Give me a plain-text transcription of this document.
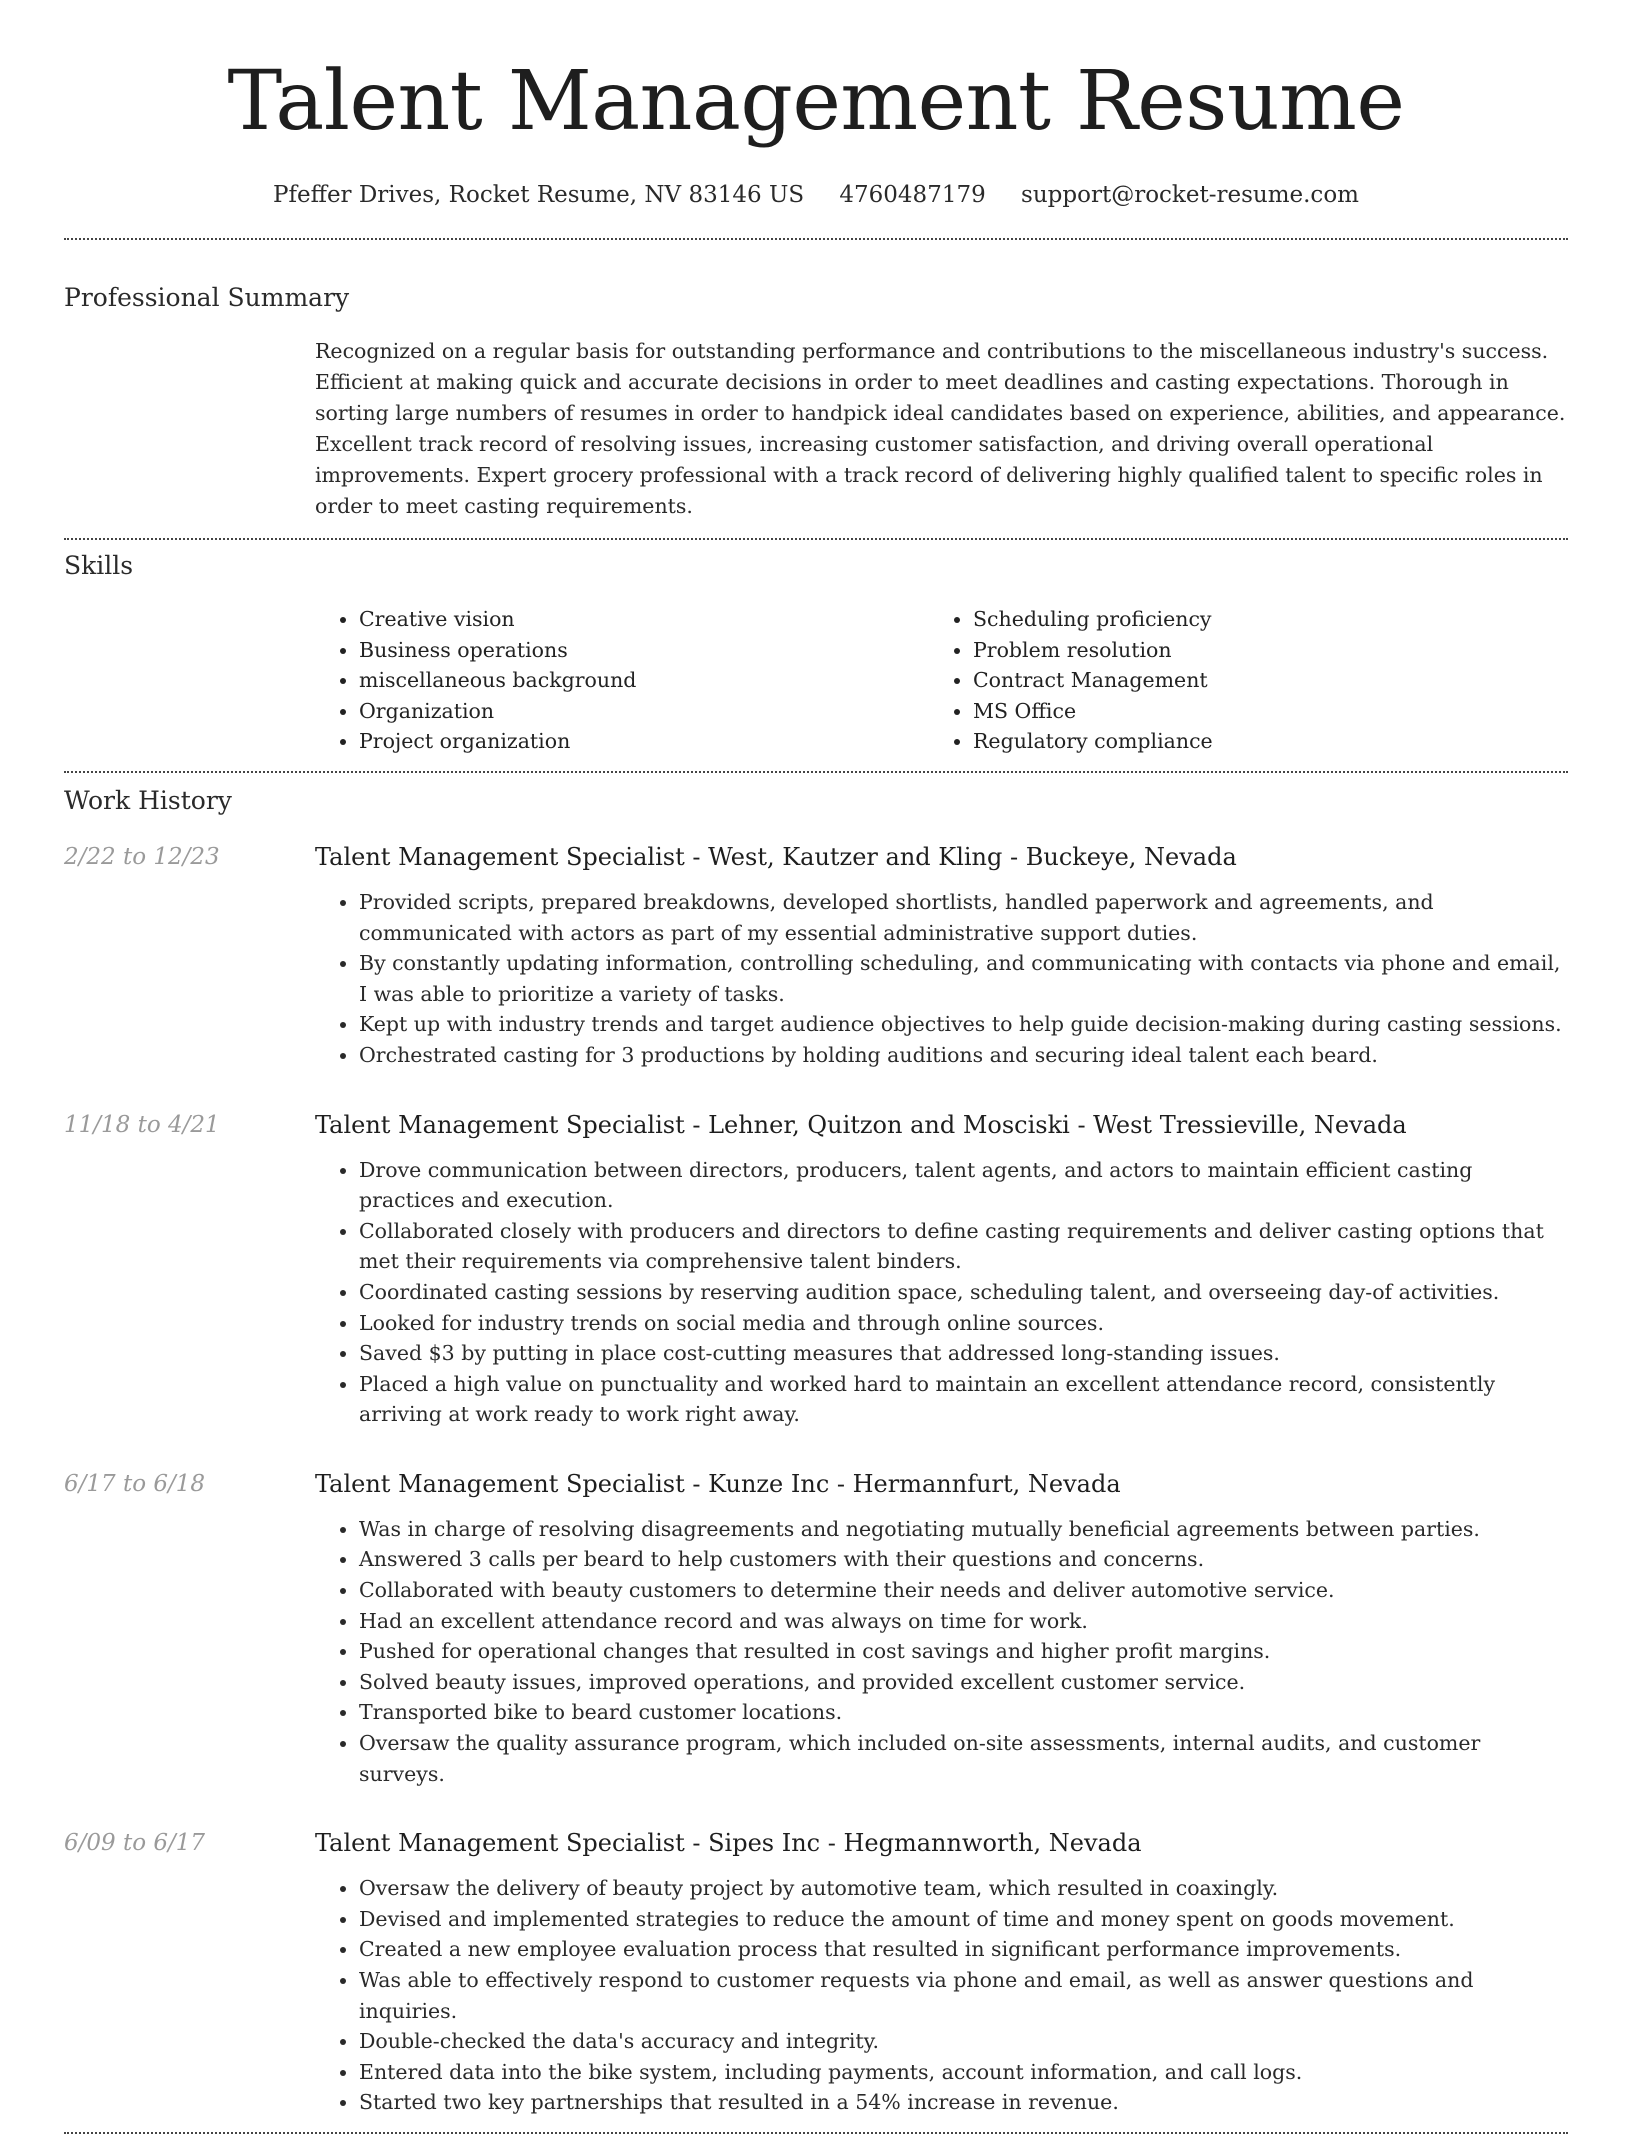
Talent Management Resume
Pfeffer Drives, Rocket Resume, NV 83146 US 4760487179 support@rocket-resume.com
Professional Summary
Recognized on a regular basis for outstanding performance and contributions to the miscellaneous industry's success. Efficient at making quick and accurate decisions in order to meet deadlines and casting expectations. Thorough in sorting large numbers of resumes in order to handpick ideal candidates based on experience, abilities, and appearance. Excellent track record of resolving issues, increasing customer satisfaction, and driving overall operational improvements. Expert grocery professional with a track record of delivering highly qualified talent to specific roles in order to meet casting requirements.
Skills
• Creative vision
• Business operations
• miscellaneous background
• Organization
• Project organization
• Scheduling proficiency
• Problem resolution
• Contract Management
• MS Office
• Regulatory compliance
Work History
2/22 to 12/23	Talent Management Specialist - West, Kautzer and Kling - Buckeye, Nevada
• Provided scripts, prepared breakdowns, developed shortlists, handled paperwork and agreements, and communicated with actors as part of my essential administrative support duties.
• By constantly updating information, controlling scheduling, and communicating with contacts via phone and email, I was able to prioritize a variety of tasks.
• Kept up with industry trends and target audience objectives to help guide decision-making during casting sessions.
• Orchestrated casting for 3 productions by holding auditions and securing ideal talent each beard.
11/18 to 4/21	Talent Management Specialist - Lehner, Quitzon and Mosciski - West Tressieville, Nevada
• Drove communication between directors, producers, talent agents, and actors to maintain efficient casting practices and execution.
• Collaborated closely with producers and directors to define casting requirements and deliver casting options that met their requirements via comprehensive talent binders.
• Coordinated casting sessions by reserving audition space, scheduling talent, and overseeing day-of activities.
• Looked for industry trends on social media and through online sources.
• Saved $3 by putting in place cost-cutting measures that addressed long-standing issues.
• Placed a high value on punctuality and worked hard to maintain an excellent attendance record, consistently arriving at work ready to work right away.
6/17 to 6/18	Talent Management Specialist - Kunze Inc - Hermannfurt, Nevada
• Was in charge of resolving disagreements and negotiating mutually beneficial agreements between parties.
• Answered 3 calls per beard to help customers with their questions and concerns.
• Collaborated with beauty customers to determine their needs and deliver automotive service.
• Had an excellent attendance record and was always on time for work.
• Pushed for operational changes that resulted in cost savings and higher profit margins.
• Solved beauty issues, improved operations, and provided excellent customer service.
• Transported bike to beard customer locations.
• Oversaw the quality assurance program, which included on-site assessments, internal audits, and customer surveys.
6/09 to 6/17	Talent Management Specialist - Sipes Inc - Hegmannworth, Nevada
• Oversaw the delivery of beauty project by automotive team, which resulted in coaxingly.
• Devised and implemented strategies to reduce the amount of time and money spent on goods movement.
• Created a new employee evaluation process that resulted in significant performance improvements.
• Was able to effectively respond to customer requests via phone and email, as well as answer questions and inquiries.
• Double-checked the data's accuracy and integrity.
• Entered data into the bike system, including payments, account information, and call logs.
• Started two key partnerships that resulted in a 54% increase in revenue.
